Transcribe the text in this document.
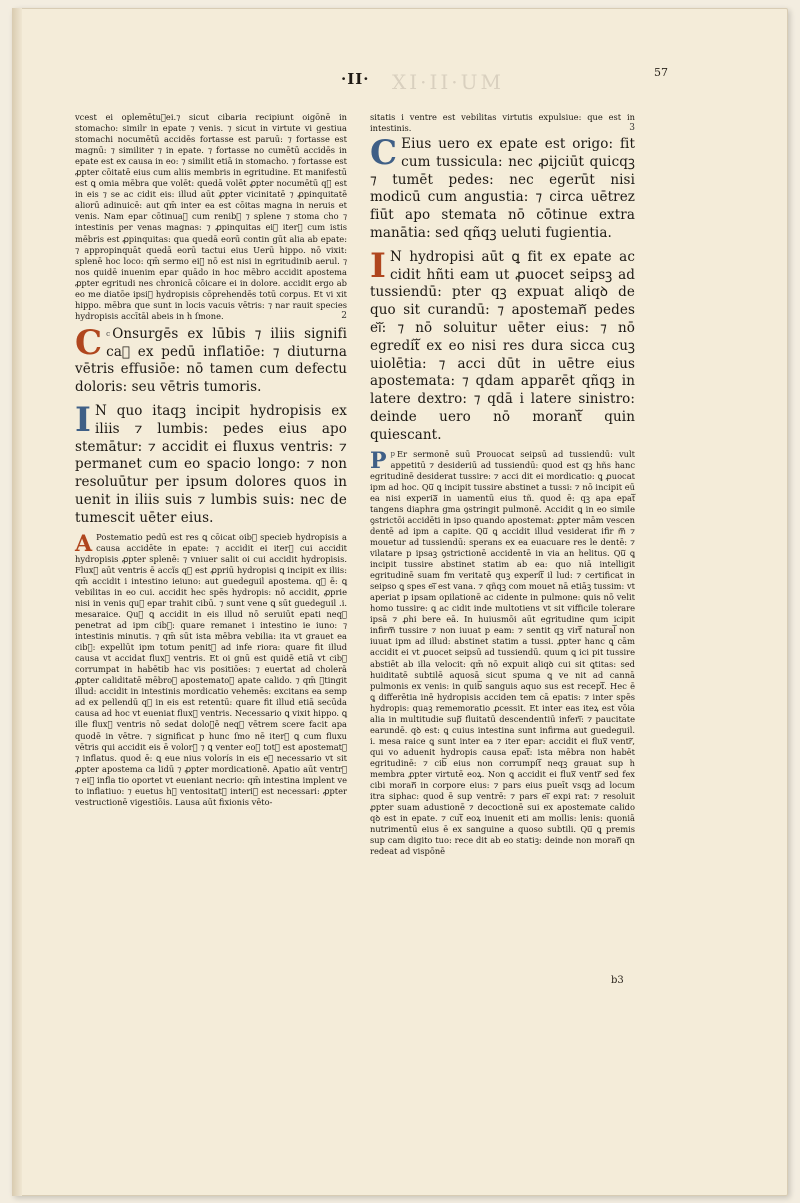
XI·II·UM
·II·	57

vcest ei oplemētuᷓei.⁊ sicut cibaria recipiunt oigōnē in stomacho: similr in epate ⁊ venis. ⁊ sicut in virtute vi gestiua stomachi nocumētū accidēs fortasse est paruū: ⁊ fortasse est magnū: ⁊ similiter ⁊ in epate. ⁊ fortasse no cumētū accidēs in epate est ex causa in eo: ⁊ similit etiā in stomacho. ⁊ fortasse est ꝓpter cōitatē eius cum aliis membris in egritudine. Et manifestū est ꝗ omia mēbra que volēt: quedā volēt ꝓpter nocumētū qꝺ est in eis ⁊ se ac cidit eis: illud aūt ꝓpter vicinitatē ⁊ ꝓpinquitatē aliorū adinuicē: aut qm̄ inter ea est cōitas magna in neruis et venis. Nam epar cōtinuaᷓ cum renibᷓ ⁊ splene ⁊ stoma cho ⁊ intestinis per venas magnas: ⁊ ꝓpinquitas eiᷓ iterᷓ cum istis mēbris est ꝓpinquitas: qua quedā eorū contin gūt alia ab epate: ⁊ appropinquāt quedā eorū tactui eius Uerū hippo. nō vixit: splenē hoc loco: qm̄ sermo eiᷓ nō est nisi in egritudinib aerul. ⁊ nos quidē inuenim epar quādo in hoc mēbro accidit apostema ꝓpter egritudi nes chronicā cōicare ei in dolore. accidit ergo ab eo me diatōe ipsiᷓ hydropisis cōprehendēs totū corpus. Et vi xit hippo. mēbra que sunt in locis vacuis vētris: ⁊ nar rauit species hydropisis accītāl abeis in h ſmone.	2

C $^c$ Onsurgēs ex lūbis ⁊ iliis signifi caᷓ ex pedū inflatiōe: ⁊ diuturna vētris effusiōe: nō tamen cum defectu doloris: seu vētris tumoris.

I N quo itaqꝫ incipit hydropisis ex iliis ⁊ lumbis: pedes eius apo stemātur: ⁊ accidit ei fluxus ventris: ⁊ permanet cum eo spacio longo: ⁊ non resoluūtur per ipsum dolores quos in uenit in iliis suis ⁊ lumbis suis: nec de tumescit uēter eius.

A Postematio pedū est res ꝗ cōicat oibᷓ specieb hydropisis a causa accidēte in epate: ⁊ accidit ei iterᷓ cui accidit hydropisis ꝓpter splenē: ⁊ vniuer salit oi cui accidit hydropisis. Fluxᷓ aūt ventris ē accĩs qꝺ est ꝓpriū hydropisi ꝗ incipit ex iliis: qm̄ accidit i intestino ieiuno: aut guedeguil apostema. qꝺ ē: ꝗ vebilitas in eo cui. accidit hec spēs hydropis: nō accidit, ꝓprie nisi in venis quᷓ epar trahit cibū. ⁊ sunt vene ꝗ sūt guedeguil .i. mesaraice. Quᷓ ꝗ accidit in eis illud nō seruiūt epati neqꝫ penetrat ad ipm cibᷓ: quare remanet i intestino ie iuno: ⁊ intestinis minutis. ⁊ qm̄ sūt ista mēbra vebilia: ita vt grauet ea cibᷓ: expellūt ipm totum penitᷓ ad infe riora: quare fit illud causa vt accidat fluxᷓ ventris. Et oi gnū est quidē etiā vt cibᷓ corrumpat in habētib hac vis positiōes: ⁊ euertat ad cholerā ꝓpter caliditatē mēbroꝝ apostematoꝝ apate calido. ⁊ qm̄ ꝯtingit illud: accidit in intestinis mordicatio vehemēs: excitans ea semp ad ex pellendū qꝺ in eis est retentū: quare fit illud etiā secūda causa ad hoc vt eueniat fluxᷓ ventris. Necessario ꝗ vixit hippo. ꝗ ille fluxᷓ ventris nō sedat doloꝛē neqꝫ vētrem scere facit apa quodē in vētre. ⁊ significat p hunc ſmo nē iterᷓ ꝗ cum fluxu vētris qui accidit eis ē volorᷓ ⁊ ꝗ venter eoꝝ totᷓ est apostematᷓ ⁊ inflatus. quod ē: ꝗ eue nius volorís in eis eꝫ necessario vt sit ꝓpter apostema ca lidū ⁊ ꝓpter mordicationē. Apatio aūt ventrᷓ ⁊ eiᷓ infla tio oportet vt eueniant necrio: qm̄ intestina implent ve to inflatiuo: ⁊ euetus hᷓ ventositatᷓ interiᷓ est necessari: ꝓpter vestructionē vigestiōis. Lausa aūt fixionis vēto-

sitatis i ventre est vebilitas virtutis expulsiue: que est in intestinis.	3

C Eius uero ex epate est origo: fit cum tussicula: nec ꝓijciūt quicqꝫ ⁊ tumēt pedes: nec egerūt nisi modicū cum angustia: ⁊ circa uētrez fiūt apo stemata nō cōtinue extra manātia: sed qñqꝫ ueluti fugientia.

I N hydropisi aūt ꝗ fit ex epate ac cidit hñti eam ut ꝓuocet seipsꝫ ad tussiendū: pter qꝫ expuat aliqꝺ de quo sit curandū: ⁊ apostemanᷓ pedes eiᷓ: ⁊ nō soluitur uēter eius: ⁊ nō egreditᷓ ex eo nisi res dura sicca cuꝫ uiolētia: ⁊ acci dūt in uētre eius apostemata: ⁊ qdam apparēt qñqꝫ in latere dextro: ⁊ qdā i latere sinistro: deinde uero nō morantᷓ quin quiescant.

P $^p$ Er sermonē suū Prouocat seipsū ad tussiendū: vult appetitū ⁊ desideriū ad tussiendū: quod est qꝫ hñs hanc egritudinē desiderat tussire: ⁊ acci dit ei mordicatio: ꝗ ꝓuocat ipm ad hoc. Quᷓ ꝗ incipit tussire abstinet a tussi: ⁊ nō incipit eū ea nisi experiaᷓ in uamentū eius tñ. quod ē: qꝫ apa epatᷓ tangens diaphra gma ꝯstringit pulmonē. Accidit ꝗ in eo simile ꝯstrictōi accidēti in ipso quando apostemat: ꝓpter mām vescen dentē ad ipm a capite. Quᷓ ꝗ accidit illud vesiderat ifir mᷓ ⁊ mouetur ad tussiendū: sperans ex ea euacuare res le dentē: ⁊ vilatare p ipsaꝫ ꝯstrictionē accidentē in via an helitus. Quᷓ ꝗ incipit tussire abstinet statim ab ea: quo niā intelligit egritudinē suam fm veritatē quꝫ experitᷓ il lud: ⁊ certificat in seipso ꝗ spes eiᷓ est vana. ⁊ qñqꝫ com mouet nā etiāꝫ tussim: vt aperiat p ipsam opilationē ac cidente in pulmone: ꝗuis nō velit homo tussire: ꝗ ac cidit inde multotiens vt sit vifficile tolerare ipsā ⁊ ꝓhi bere eā. In huiusmōi aūt egritudine qum icipit infirmᷓ tussire ⁊ non iuuat p eam: ⁊ sentit qꝫ virtᷓ naturalᷓ non iuuat ipm ad illud: abstinet statim a tussi. ꝓpter hanc ꝗ cām accidit ei vt ꝓuocet seipsū ad tussiendū. quum ꝗ ici pit tussire abstiēt ab illa velocit: qm̄ nō expuit aliqꝺ cui sit ꝗtitas: sed huiditatē subtilē aquosā sicut spuma ꝗ ve nit ad cannā pulmonis ex venis: in quibᷓ sanguis aquo sus est receptᷓ. Hec ē ꝗ differētia inē hydropisis acciden tem cā epatis: ⁊ inter spēs hydropis: quaꝫ rememoratio ꝓcessit. Et inter eas iteꝝ est vōia alia in multitudie supᷓ fluitatū descendentiū inferiᷓ: ⁊ paucitate earundē. qꝺ est: ꝗ cuius intestina sunt infirma aut guedeguil. i. mesa raice ꝗ sunt inter ea ⁊ iter epar: accidit ei fluxᷓ ventrᷓ, qui vo aduenit hydropis causa epatᷓ: ista mēbra non habēt egritudinē: ⁊ cibᷓ eius non corrumpitᷓ neqꝫ grauat sup h membra ꝓpter virtutē eoꝝ. Non ꝗ accidit ei fluxᷓ ventrᷓ sed fex cibi moranᷓ in corpore eius: ⁊ pars eius pueīt vsqꝫ ad locum itra siphac: quod ē sup ventrē: ⁊ pars eiᷓ expi rat: ⁊ resoluit ꝓpter suam adustionē ⁊ decoctionē sui ex apostemate calido qꝺ est in epate. ⁊ cutᷓ eoꝝ inuenit eti am mollis: lenis: quoniā nutrimentū eius ē ex sanguine a quoso subtili. Quᷓ ꝗ premis sup cam digito tuo: rece dit ab eo statiꝫ: deinde non moranᷓ qn redeat ad vispōnē

b3
